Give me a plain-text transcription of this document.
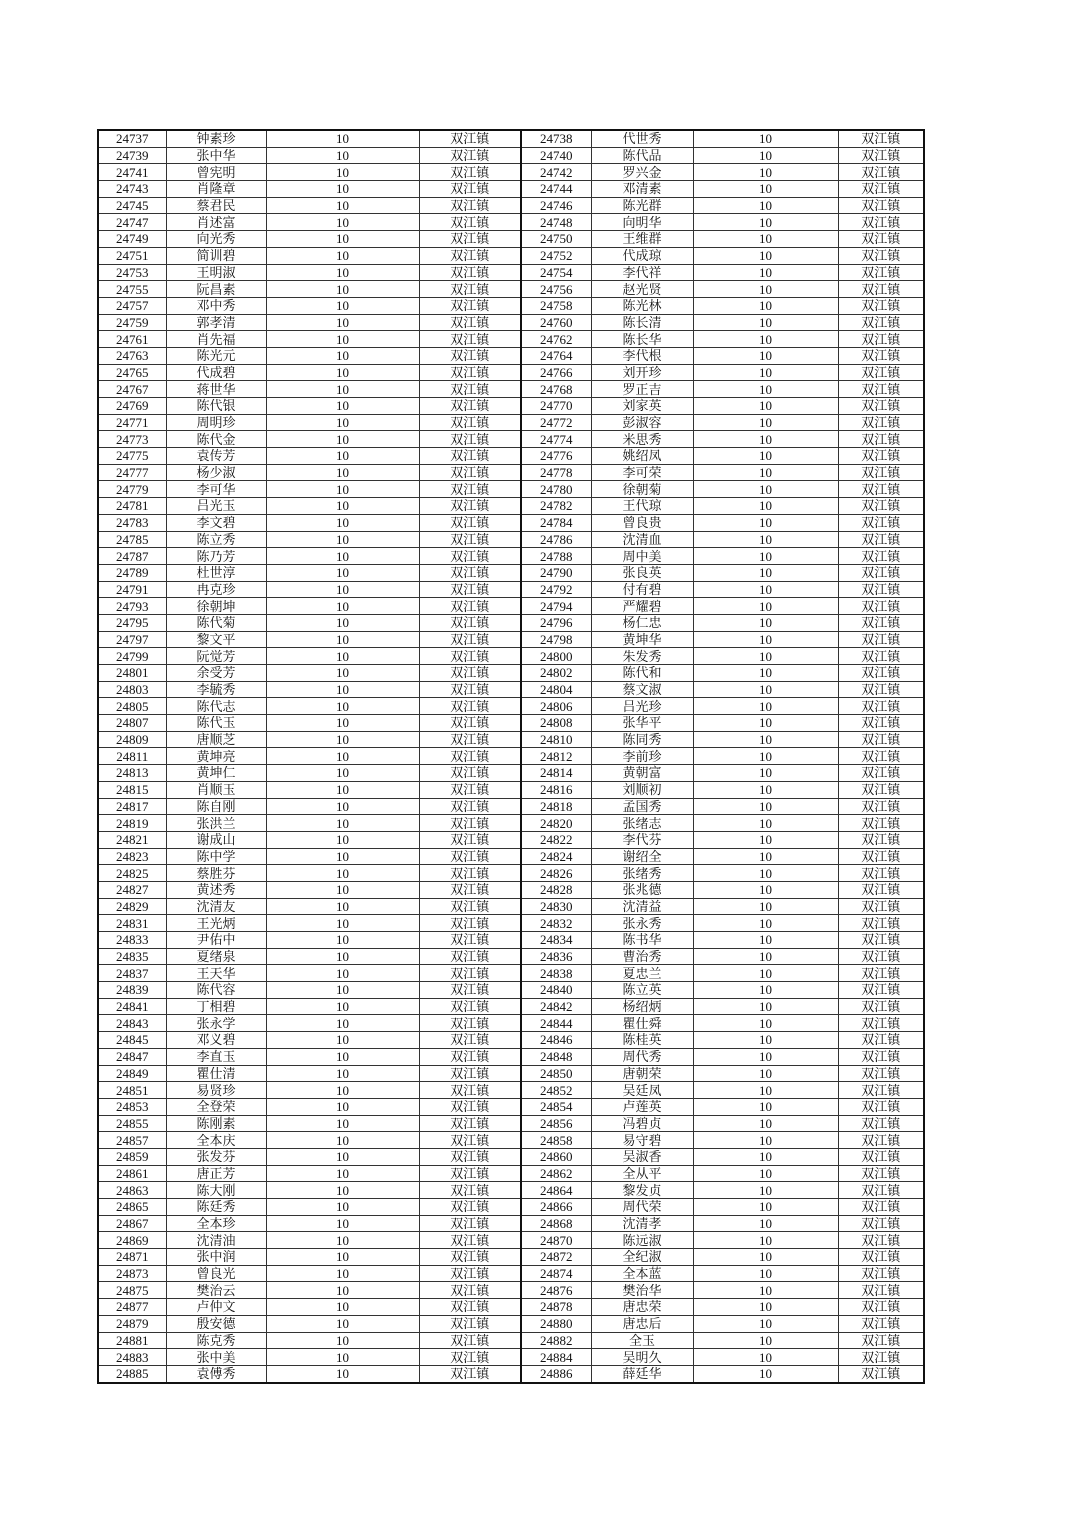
24737	钟素珍	10	双江镇	24738	代世秀	10	双江镇
24739	张中华	10	双江镇	24740	陈代品	10	双江镇
24741	曾宪明	10	双江镇	24742	罗兴金	10	双江镇
24743	肖隆章	10	双江镇	24744	邓清素	10	双江镇
24745	蔡君民	10	双江镇	24746	陈光群	10	双江镇
24747	肖述富	10	双江镇	24748	向明华	10	双江镇
24749	向光秀	10	双江镇	24750	王维群	10	双江镇
24751	简训碧	10	双江镇	24752	代成琼	10	双江镇
24753	王明淑	10	双江镇	24754	李代祥	10	双江镇
24755	阮昌素	10	双江镇	24756	赵光贤	10	双江镇
24757	邓中秀	10	双江镇	24758	陈光林	10	双江镇
24759	郭孝清	10	双江镇	24760	陈长清	10	双江镇
24761	肖先福	10	双江镇	24762	陈长华	10	双江镇
24763	陈光元	10	双江镇	24764	李代根	10	双江镇
24765	代成碧	10	双江镇	24766	刘开珍	10	双江镇
24767	蒋世华	10	双江镇	24768	罗正吉	10	双江镇
24769	陈代银	10	双江镇	24770	刘家英	10	双江镇
24771	周明珍	10	双江镇	24772	彭淑容	10	双江镇
24773	陈代金	10	双江镇	24774	米思秀	10	双江镇
24775	袁传芳	10	双江镇	24776	姚绍凤	10	双江镇
24777	杨少淑	10	双江镇	24778	李可荣	10	双江镇
24779	李可华	10	双江镇	24780	徐朝菊	10	双江镇
24781	吕光玉	10	双江镇	24782	王代琼	10	双江镇
24783	李文碧	10	双江镇	24784	曾良贵	10	双江镇
24785	陈立秀	10	双江镇	24786	沈清血	10	双江镇
24787	陈乃芳	10	双江镇	24788	周中美	10	双江镇
24789	杜世淳	10	双江镇	24790	张良英	10	双江镇
24791	冉克珍	10	双江镇	24792	付有碧	10	双江镇
24793	徐朝坤	10	双江镇	24794	严耀碧	10	双江镇
24795	陈代菊	10	双江镇	24796	杨仁忠	10	双江镇
24797	黎文平	10	双江镇	24798	黄坤华	10	双江镇
24799	阮觉芳	10	双江镇	24800	朱发秀	10	双江镇
24801	余受芳	10	双江镇	24802	陈代和	10	双江镇
24803	李毓秀	10	双江镇	24804	蔡文淑	10	双江镇
24805	陈代志	10	双江镇	24806	吕光珍	10	双江镇
24807	陈代玉	10	双江镇	24808	张华平	10	双江镇
24809	唐顺芝	10	双江镇	24810	陈同秀	10	双江镇
24811	黄坤亮	10	双江镇	24812	李前珍	10	双江镇
24813	黄坤仁	10	双江镇	24814	黄朝富	10	双江镇
24815	肖顺玉	10	双江镇	24816	刘顺初	10	双江镇
24817	陈自刚	10	双江镇	24818	孟国秀	10	双江镇
24819	张洪兰	10	双江镇	24820	张绪志	10	双江镇
24821	谢成山	10	双江镇	24822	李代芬	10	双江镇
24823	陈中学	10	双江镇	24824	谢绍全	10	双江镇
24825	蔡胜芬	10	双江镇	24826	张绪秀	10	双江镇
24827	黄述秀	10	双江镇	24828	张兆德	10	双江镇
24829	沈清友	10	双江镇	24830	沈清益	10	双江镇
24831	王光炳	10	双江镇	24832	张永秀	10	双江镇
24833	尹佑中	10	双江镇	24834	陈书华	10	双江镇
24835	夏绪泉	10	双江镇	24836	曹治秀	10	双江镇
24837	王天华	10	双江镇	24838	夏忠兰	10	双江镇
24839	陈代容	10	双江镇	24840	陈立英	10	双江镇
24841	丁相碧	10	双江镇	24842	杨绍炳	10	双江镇
24843	张永学	10	双江镇	24844	瞿仕舜	10	双江镇
24845	邓义碧	10	双江镇	24846	陈桂英	10	双江镇
24847	李直玉	10	双江镇	24848	周代秀	10	双江镇
24849	瞿仕清	10	双江镇	24850	唐朝荣	10	双江镇
24851	易贤珍	10	双江镇	24852	吴廷凤	10	双江镇
24853	全登荣	10	双江镇	24854	卢莲英	10	双江镇
24855	陈刚素	10	双江镇	24856	冯碧贞	10	双江镇
24857	全本庆	10	双江镇	24858	易守碧	10	双江镇
24859	张发芬	10	双江镇	24860	吴淑香	10	双江镇
24861	唐正芳	10	双江镇	24862	全从平	10	双江镇
24863	陈大刚	10	双江镇	24864	黎发贞	10	双江镇
24865	陈廷秀	10	双江镇	24866	周代荣	10	双江镇
24867	全本珍	10	双江镇	24868	沈清孝	10	双江镇
24869	沈清油	10	双江镇	24870	陈远淑	10	双江镇
24871	张中润	10	双江镇	24872	全纪淑	10	双江镇
24873	曾良光	10	双江镇	24874	全本蓝	10	双江镇
24875	樊治云	10	双江镇	24876	樊治华	10	双江镇
24877	卢仲文	10	双江镇	24878	唐忠荣	10	双江镇
24879	殷安德	10	双江镇	24880	唐忠后	10	双江镇
24881	陈克秀	10	双江镇	24882	全玉	10	双江镇
24883	张中美	10	双江镇	24884	吴明久	10	双江镇
24885	袁傅秀	10	双江镇	24886	薛廷华	10	双江镇
